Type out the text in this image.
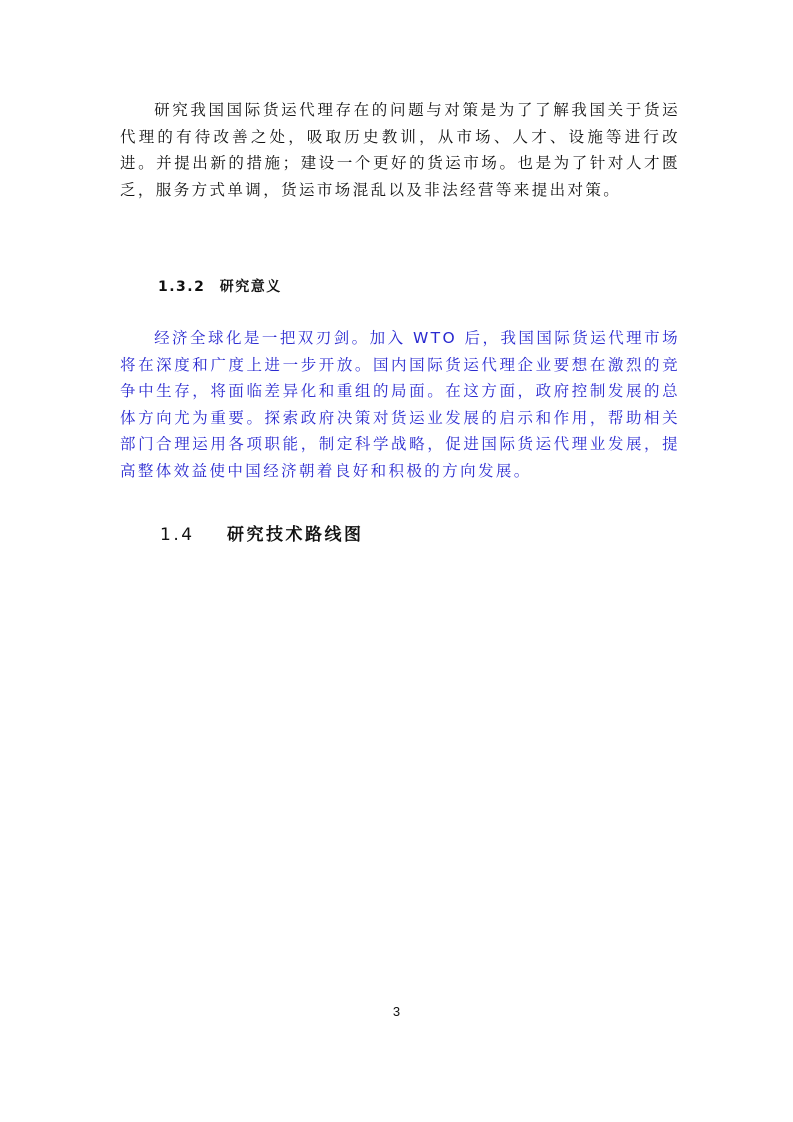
研究我国国际货运代理存在的问题与对策是为了了解我国关于货运代理的有待改善之处，吸取历史教训，从市场、人才、设施等进行改进。并提出新的措施；建设一个更好的货运市场。也是为了针对人才匮乏，服务方式单调，货运市场混乱以及非法经营等来提出对策。

1.3.2 研究意义

经济全球化是一把双刃剑。加入 WTO 后，我国国际货运代理市场将在深度和广度上进一步开放。国内国际货运代理企业要想在激烈的竞争中生存，将面临差异化和重组的局面。在这方面，政府控制发展的总体方向尤为重要。探索政府决策对货运业发展的启示和作用，帮助相关部门合理运用各项职能，制定科学战略，促进国际货运代理业发展，提高整体效益使中国经济朝着良好和积极的方向发展。

1.4 研究技术路线图
3
